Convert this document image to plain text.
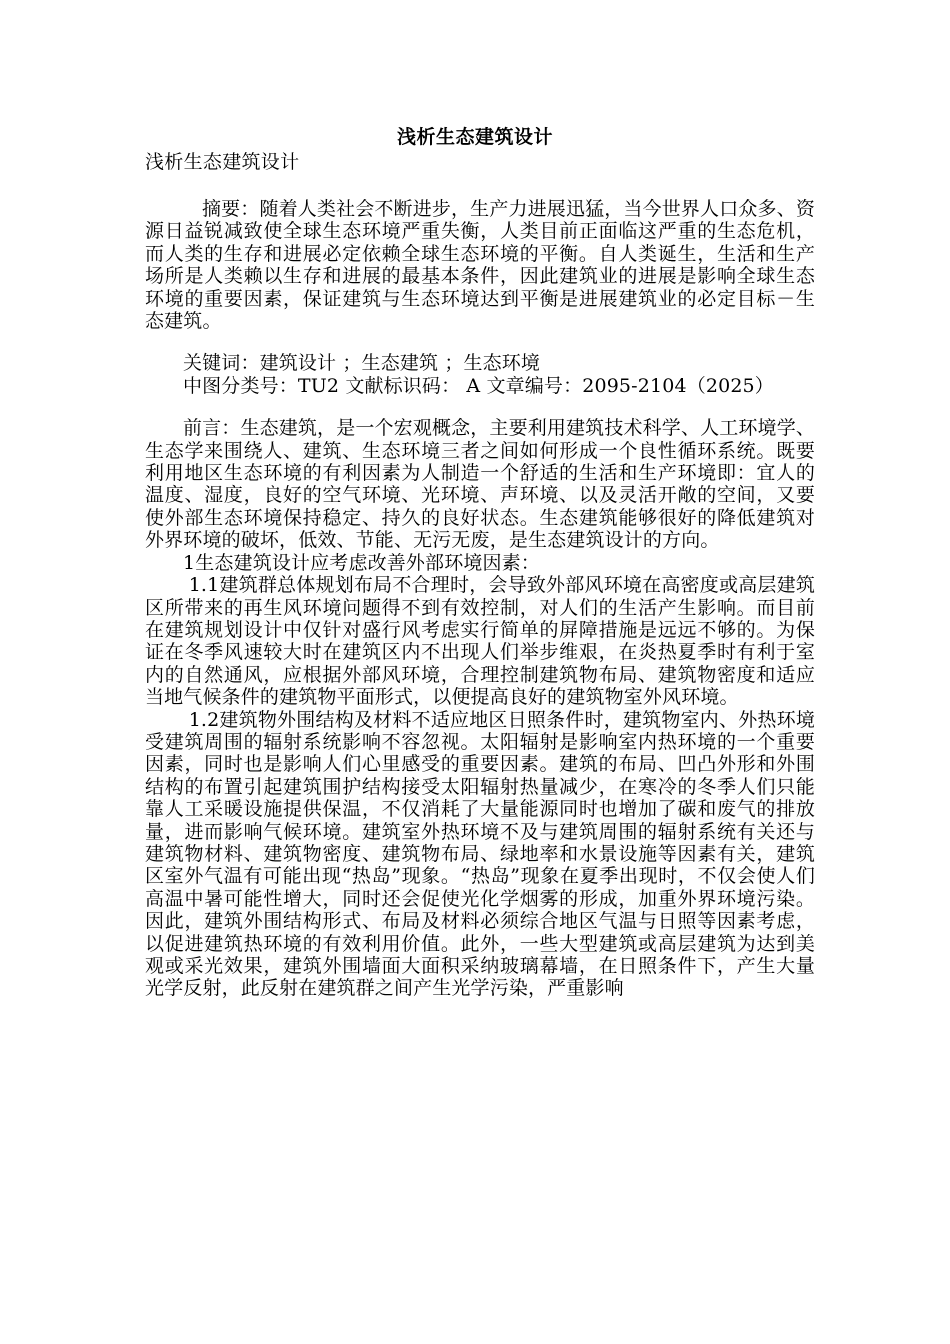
浅析生态建筑设计
浅析生态建筑设计

摘要：随着人类社会不断进步，生产力进展迅猛，当今世界人口众多、资源日益锐减致使全球生态环境严重失衡，人类目前正面临这严重的生态危机，而人类的生存和进展必定依赖全球生态环境的平衡。自人类诞生，生活和生产场所是人类赖以生存和进展的最基本条件，因此建筑业的进展是影响全球生态环境的重要因素，保证建筑与生态环境达到平衡是进展建筑业的必定目标－生态建筑。

关键词：建筑设计 ；生态建筑 ；生态环境

中图分类号：TU2 文献标识码： A 文章编号：2095-2104（2025）

前言：生态建筑，是一个宏观概念，主要利用建筑技术科学、人工环境学、生态学来围绕人、建筑、生态环境三者之间如何形成一个良性循环系统。既要利用地区生态环境的有利因素为人制造一个舒适的生活和生产环境即：宜人的温度、湿度，良好的空气环境、光环境、声环境、以及灵活开敞的空间，又要使外部生态环境保持稳定、持久的良好状态。生态建筑能够很好的降低建筑对外界环境的破坏，低效、节能、无污无废，是生态建筑设计的方向。

1生态建筑设计应考虑改善外部环境因素：

1.1建筑群总体规划布局不合理时，会导致外部风环境在高密度或高层建筑区所带来的再生风环境问题得不到有效控制，对人们的生活产生影响。而目前在建筑规划设计中仅针对盛行风考虑实行简单的屏障措施是远远不够的。为保证在冬季风速较大时在建筑区内不出现人们举步维艰，在炎热夏季时有利于室内的自然通风，应根据外部风环境，合理控制建筑物布局、建筑物密度和适应当地气候条件的建筑物平面形式，以便提高良好的建筑物室外风环境。

1.2建筑物外围结构及材料不适应地区日照条件时，建筑物室内、外热环境受建筑周围的辐射系统影响不容忽视。太阳辐射是影响室内热环境的一个重要因素，同时也是影响人们心里感受的重要因素。建筑的布局、凹凸外形和外围结构的布置引起建筑围护结构接受太阳辐射热量减少，在寒冷的冬季人们只能靠人工采暖设施提供保温，不仅消耗了大量能源同时也增加了碳和废气的排放量，进而影响气候环境。建筑室外热环境不及与建筑周围的辐射系统有关还与建筑物材料、建筑物密度、建筑物布局、绿地率和水景设施等因素有关，建筑区室外气温有可能出现“热岛”现象。“热岛”现象在夏季出现时，不仅会使人们高温中暑可能性增大，同时还会促使光化学烟雾的形成，加重外界环境污染。因此，建筑外围结构形式、布局及材料必须综合地区气温与日照等因素考虑，以促进建筑热环境的有效利用价值。此外，一些大型建筑或高层建筑为达到美观或采光效果，建筑外围墙面大面积采纳玻璃幕墙，在日照条件下，产生大量光学反射，此反射在建筑群之间产生光学污染，严重影响
